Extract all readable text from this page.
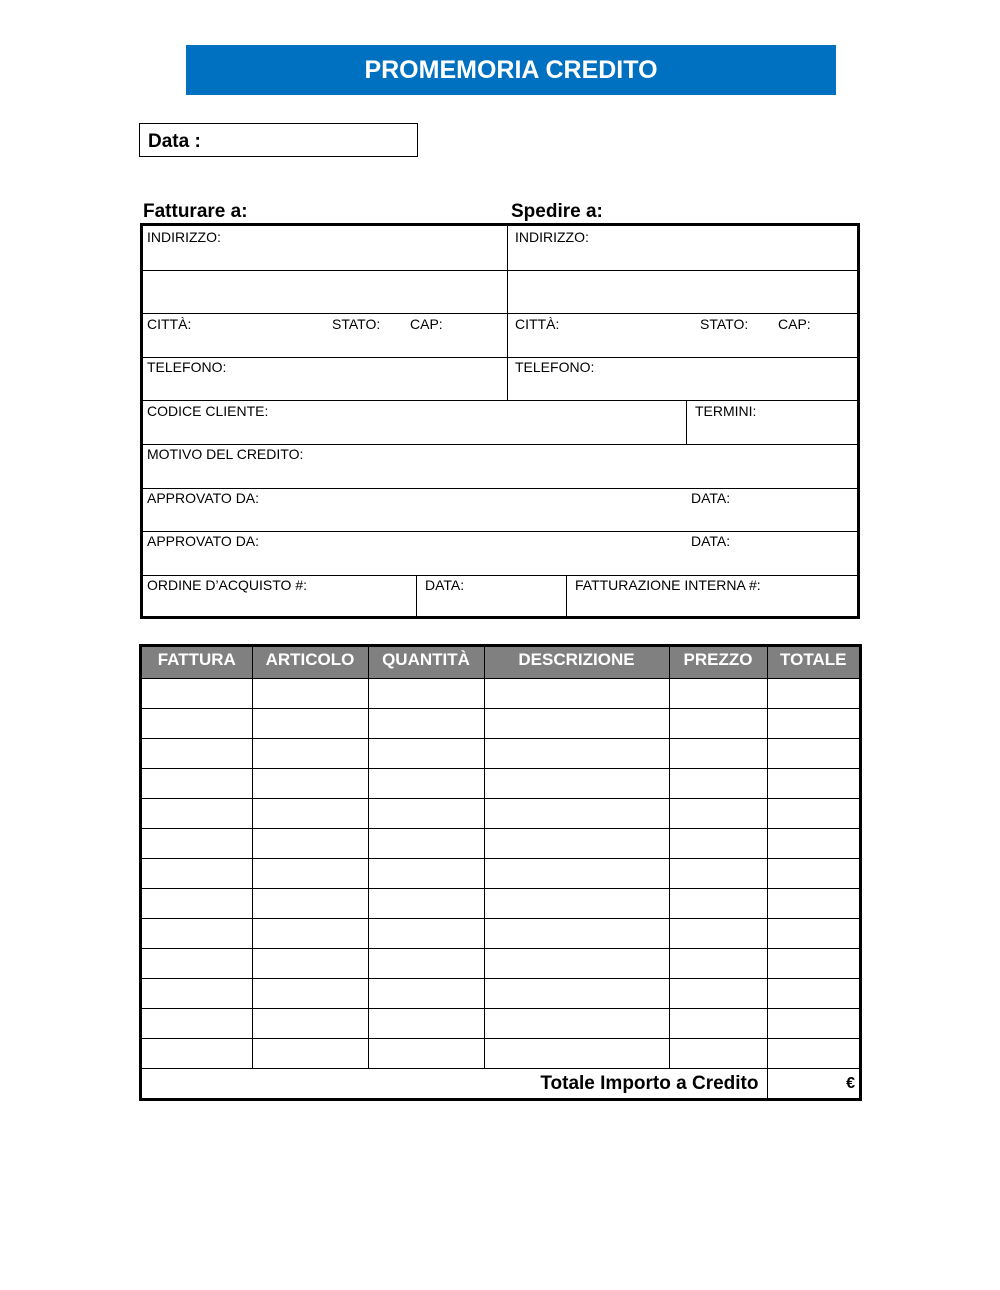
PROMEMORIA CREDITO
Data :
Fatturare a:	Spedire a:
INDIRIZZO:	INDIRIZZO:
CITTÀ:	STATO: CAP:	CITTÀ:	STATO: CAP:
TELEFONO:	TELEFONO:
CODICE CLIENTE:	TERMINI:
MOTIVO DEL CREDITO:
APPROVATO DA:	DATA:
APPROVATO DA:	DATA:
ORDINE D’ACQUISTO #:	DATA:	FATTURAZIONE INTERNA #:
FATTURA	ARTICOLO	QUANTITÀ	DESCRIZIONE	PREZZO	TOTALE

Totale Importo a Credito					€
